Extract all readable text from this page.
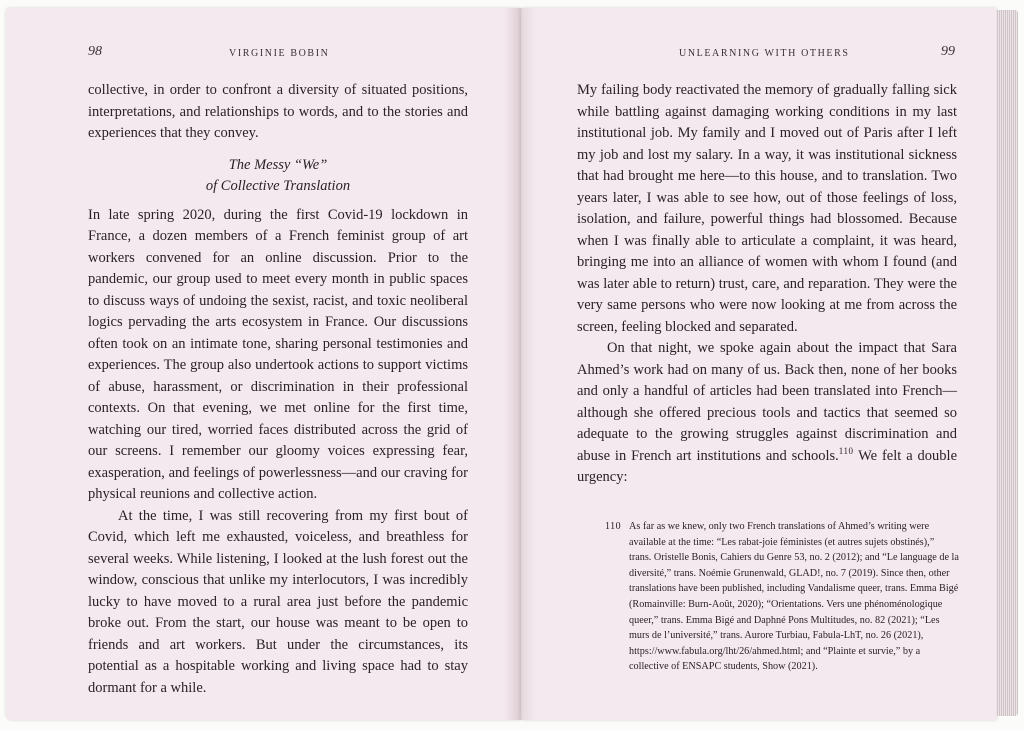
98	VIRGINIE BOBIN

collective, in order to confront a diversity of situated positions, interpretations, and relationships to words, and to the stories and experiences that they convey.

The Messy “We”
of Collective Translation

In late spring 2020, during the first Covid-19 lockdown in France, a dozen members of a French feminist group of art workers convened for an online discussion. Prior to the pandemic, our group used to meet every month in public spaces to discuss ways of undoing the sexist, racist, and toxic neoliberal logics pervading the arts ecosystem in France. Our discussions often took on an intimate tone, sharing personal testimonies and experiences. The group also undertook actions to support victims of abuse, harassment, or discrimination in their professional contexts. On that evening, we met online for the first time, watching our tired, worried faces distributed across the grid of our screens. I remember our gloomy voices expressing fear, exasperation, and feelings of powerlessness—and our craving for physical reunions and collective action.

At the time, I was still recovering from my first bout of Covid, which left me exhausted, voiceless, and breathless for several weeks. While listening, I looked at the lush forest out the window, conscious that unlike my interlocutors, I was incredibly lucky to have moved to a rural area just before the pandemic broke out. From the start, our house was meant to be open to friends and art workers. But under the circumstances, its potential as a hospitable working and living space had to stay dormant for a while.

UNLEARNING WITH OTHERS	99

My failing body reactivated the memory of gradually falling sick while battling against damaging working conditions in my last institutional job. My family and I moved out of Paris after I left my job and lost my salary. In a way, it was institutional sickness that had brought me here—to this house, and to translation. Two years later, I was able to see how, out of those feelings of loss, isolation, and failure, powerful things had blossomed. Because when I was finally able to articulate a complaint, it was heard, bringing me into an alliance of women with whom I found (and was later able to return) trust, care, and reparation. They were the very same persons who were now looking at me from across the screen, feeling blocked and separated.

On that night, we spoke again about the impact that Sara Ahmed’s work had on many of us. Back then, none of her books and only a handful of articles had been translated into French—although she offered precious tools and tactics that seemed so adequate to the growing struggles against discrimination and abuse in French art institutions and schools.$^{110}$ We felt a double urgency:

110 As far as we knew, only two French translations of Ahmed’s writing were available at the time: “Les rabat-joie féministes (et autres sujets obstinés),” trans. Oristelle Bonis, Cahiers du Genre 53, no. 2 (2012); and “Le language de la diversité,” trans. Noémie Grunenwald, GLAD!, no. 7 (2019). Since then, other translations have been published, including Vandalisme queer, trans. Emma Bigé (Romainville: Burn-Août, 2020); “Orientations. Vers une phénoménologique queer,” trans. Emma Bigé and Daphné Pons Multitudes, no. 82 (2021); “Les murs de l’université,” trans. Aurore Turbiau, Fabula-LhT, no. 26 (2021), https://www.fabula.org/lht/26/ahmed.html; and “Plainte et survie,” by a collective of ENSAPC students, Show (2021).
